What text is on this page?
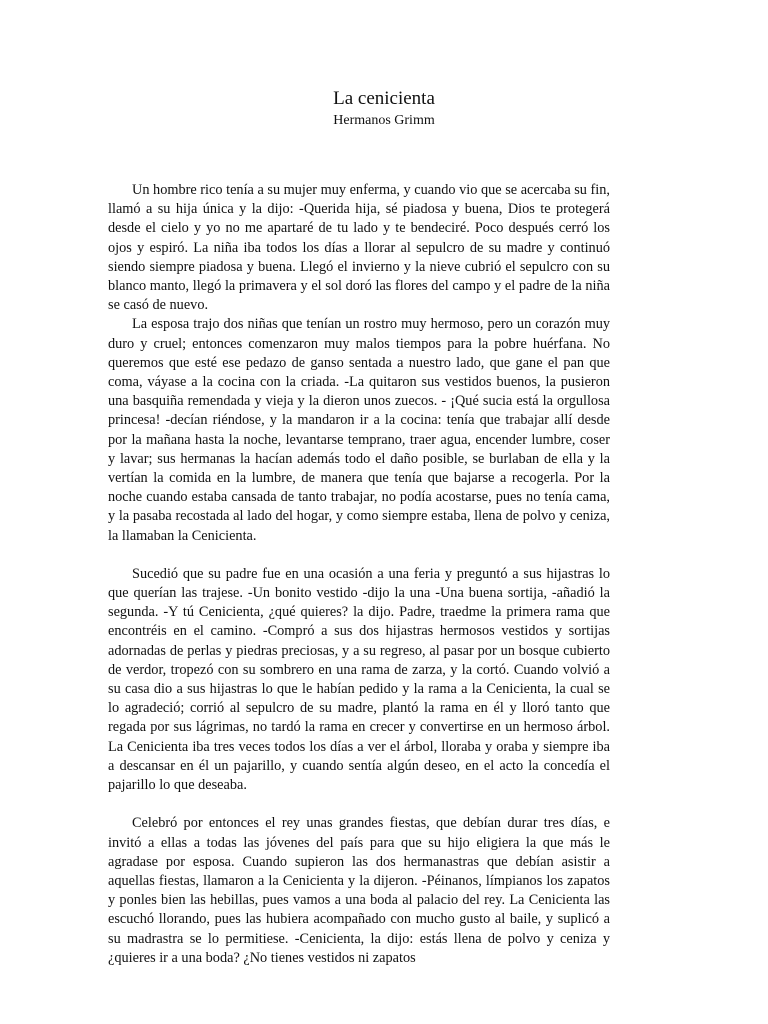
La cenicienta
Hermanos Grimm

Un hombre rico tenía a su mujer muy enferma, y cuando vio que se acercaba su fin, llamó a su hija única y la dijo: -Querida hija, sé piadosa y buena, Dios te protegerá desde el cielo y yo no me apartaré de tu lado y te bendeciré. Poco después cerró los ojos y espiró. La niña iba todos los días a llorar al sepulcro de su madre y continuó siendo siempre piadosa y buena. Llegó el invierno y la nieve cubrió el sepulcro con su blanco manto, llegó la primavera y el sol doró las flores del campo y el padre de la niña se casó de nuevo.

La esposa trajo dos niñas que tenían un rostro muy hermoso, pero un corazón muy duro y cruel; entonces comenzaron muy malos tiempos para la pobre huérfana. No queremos que esté ese pedazo de ganso sentada a nuestro lado, que gane el pan que coma, váyase a la cocina con la criada. -La quitaron sus vestidos buenos, la pusieron una basquiña remendada y vieja y la dieron unos zuecos. - ¡Qué sucia está la orgullosa princesa! -decían riéndose, y la mandaron ir a la cocina: tenía que trabajar allí desde por la mañana hasta la noche, levantarse temprano, traer agua, encender lumbre, coser y lavar; sus hermanas la hacían además todo el daño posible, se burlaban de ella y la vertían la comida en la lumbre, de manera que tenía que bajarse a recogerla. Por la noche cuando estaba cansada de tanto trabajar, no podía acostarse, pues no tenía cama, y la pasaba recostada al lado del hogar, y como siempre estaba, llena de polvo y ceniza, la llamaban la Cenicienta.

Sucedió que su padre fue en una ocasión a una feria y preguntó a sus hijastras lo que querían las trajese. -Un bonito vestido -dijo la una -Una buena sortija, -añadió la segunda. -Y tú Cenicienta, ¿qué quieres? la dijo. Padre, traedme la primera rama que encontréis en el camino. -Compró a sus dos hijastras hermosos vestidos y sortijas adornadas de perlas y piedras preciosas, y a su regreso, al pasar por un bosque cubierto de verdor, tropezó con su sombrero en una rama de zarza, y la cortó. Cuando volvió a su casa dio a sus hijastras lo que le habían pedido y la rama a la Cenicienta, la cual se lo agradeció; corrió al sepulcro de su madre, plantó la rama en él y lloró tanto que regada por sus lágrimas, no tardó la rama en crecer y convertirse en un hermoso árbol. La Cenicienta iba tres veces todos los días a ver el árbol, lloraba y oraba y siempre iba a descansar en él un pajarillo, y cuando sentía algún deseo, en el acto la concedía el pajarillo lo que deseaba.

Celebró por entonces el rey unas grandes fiestas, que debían durar tres días, e invitó a ellas a todas las jóvenes del país para que su hijo eligiera la que más le agradase por esposa. Cuando supieron las dos hermanastras que debían asistir a aquellas fiestas, llamaron a la Cenicienta y la dijeron. -Péinanos, límpianos los zapatos y ponles bien las hebillas, pues vamos a una boda al palacio del rey. La Cenicienta las escuchó llorando, pues las hubiera acompañado con mucho gusto al baile, y suplicó a su madrastra se lo permitiese. -Cenicienta, la dijo: estás llena de polvo y ceniza y ¿quieres ir a una boda? ¿No tienes vestidos ni zapatos
